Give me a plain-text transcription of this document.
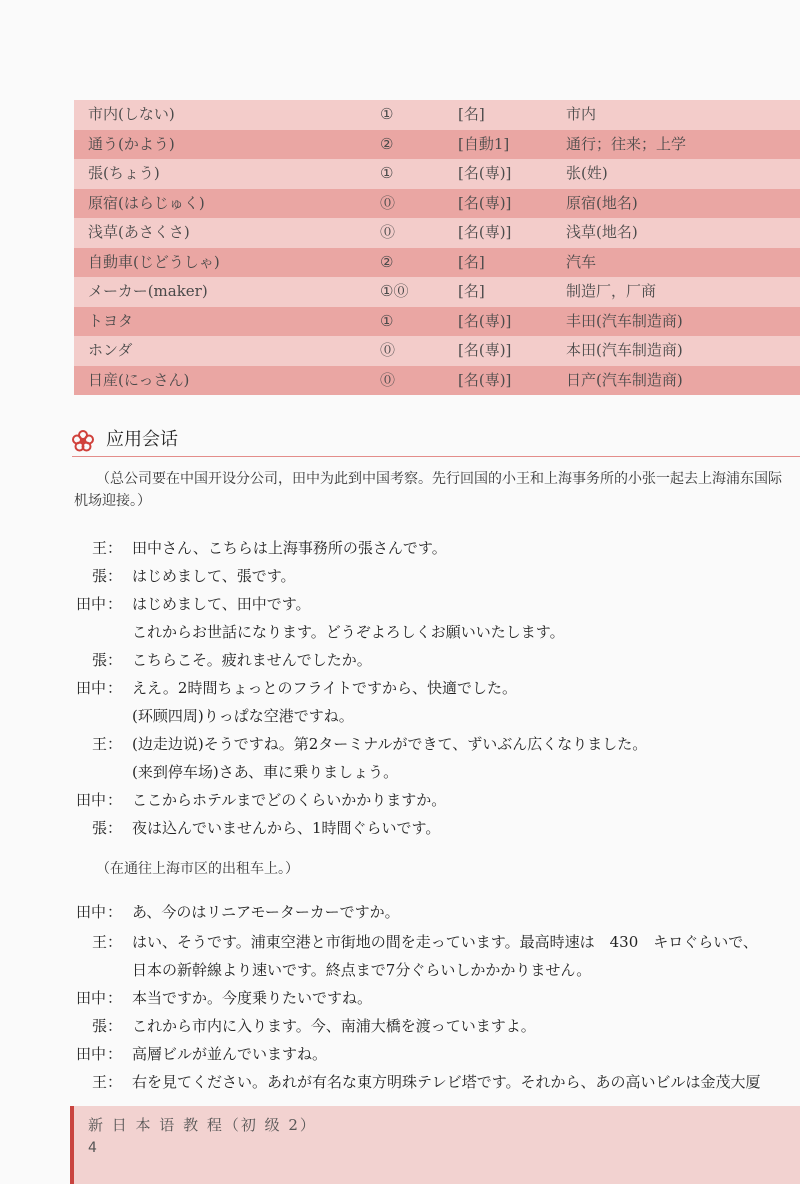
市内(しない)	①	[名]	市内
通う(かよう)	②	[自動1]	通行；往来；上学
張(ちょう)	①	[名(専)]	张(姓)
原宿(はらじゅく)	⓪	[名(専)]	原宿(地名)
浅草(あさくさ)	⓪	[名(専)]	浅草(地名)
自動車(じどうしゃ)	②	[名]	汽车
メーカー(maker)	①⓪	[名]	制造厂，厂商
トヨタ	①	[名(専)]	丰田(汽车制造商)
ホンダ	⓪	[名(専)]	本田(汽车制造商)
日産(にっさん)	⓪	[名(専)]	日产(汽车制造商)
应用会话
（总公司要在中国开设分公司，田中为此到中国考察。先行回国的小王和上海事务所的小张一起去上海浦东国际
机场迎接。）
王 ： 田中さん、こちらは上海事務所の張さんです。
張 ： はじめまして、張です。
田中 ： はじめまして、田中です。
これからお世話になります。どうぞよろしくお願いいたします。
張 ： こちらこそ。疲れませんでしたか。
田中 ： ええ。2時間ちょっとのフライトですから、快適でした。
(环顾四周)りっぱな空港ですね。
王 ： (边走边说)そうですね。第2ターミナルができて、ずいぶん広くなりました。
(来到停车场)さあ、車に乗りましょう。
田中 ： ここからホテルまでどのくらいかかりますか。
張 ： 夜は込んでいませんから、1時間ぐらいです。
（在通往上海市区的出租车上。）
田中 ： あ、今のはリニアモーターカーですか。
王 ： はい、そうです。浦東空港と市街地の間を走っています。最高時速は　430　キロぐらいで、
日本の新幹線より速いです。終点まで7分ぐらいしかかかりません。
田中 ： 本当ですか。今度乗りたいですね。
張 ： これから市内に入ります。今、南浦大橋を渡っていますよ。
田中 ： 高層ビルが並んでいますね。
王 ： 右を見てください。あれが有名な東方明珠テレビ塔です。それから、あの高いビルは金茂大厦
新 日 本 语 教 程（初 级 2）
4
